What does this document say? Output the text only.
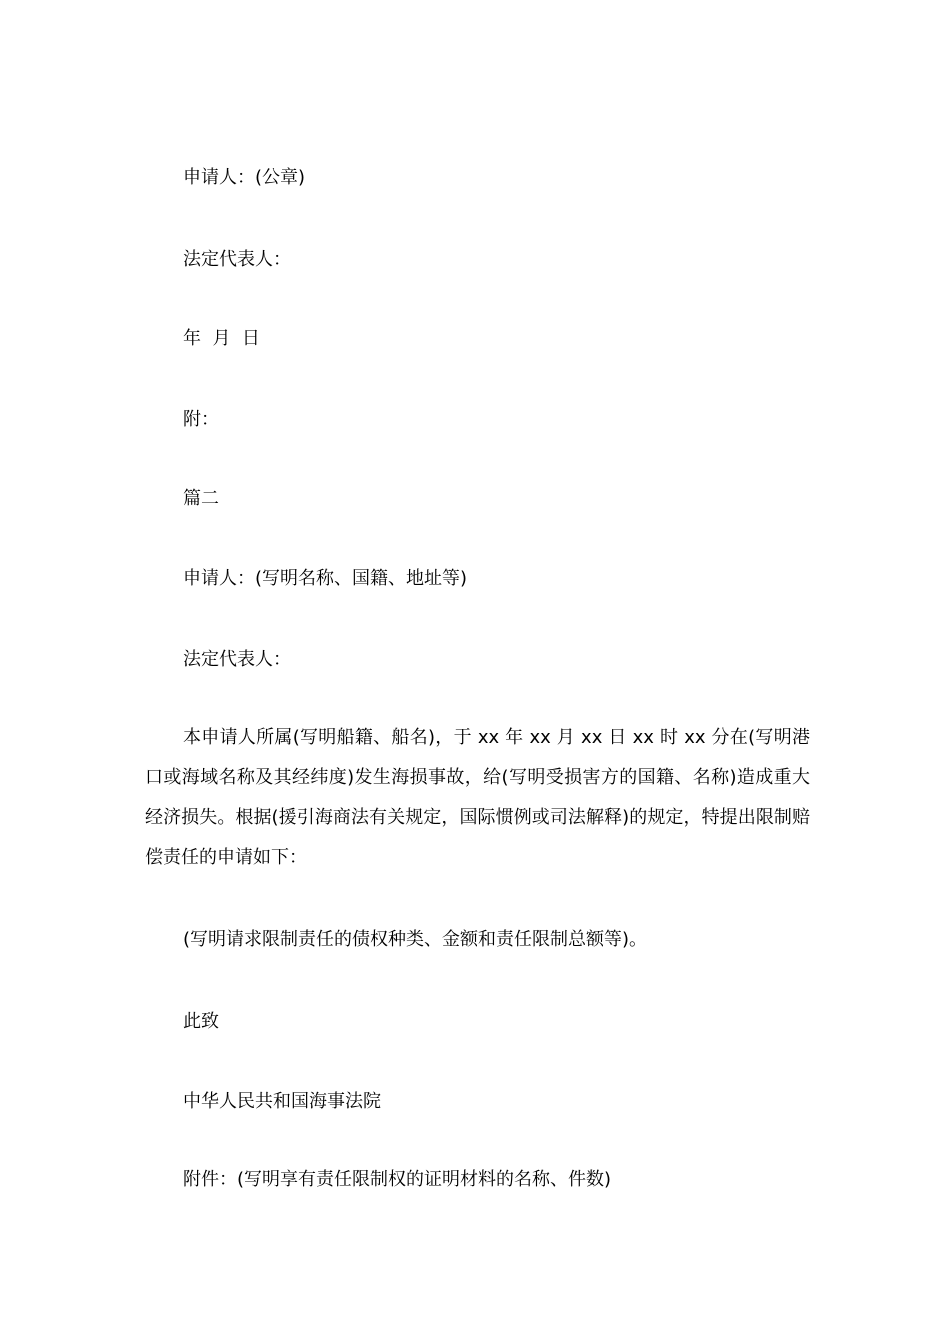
申请人：(公章)
法定代表人：
年  月  日
附：
篇二
申请人：(写明名称、国籍、地址等)
法定代表人：
本申请人所属(写明船籍、船名)，于 xx 年 xx 月 xx 日 xx 时 xx 分在(写明港口或海域名称及其经纬度)发生海损事故，给(写明受损害方的国籍、名称)造成重大经济损失。根据(援引海商法有关规定，国际惯例或司法解释)的规定，特提出限制赔偿责任的申请如下：
(写明请求限制责任的债权种类、金额和责任限制总额等)。
此致
中华人民共和国海事法院
附件：(写明享有责任限制权的证明材料的名称、件数)
